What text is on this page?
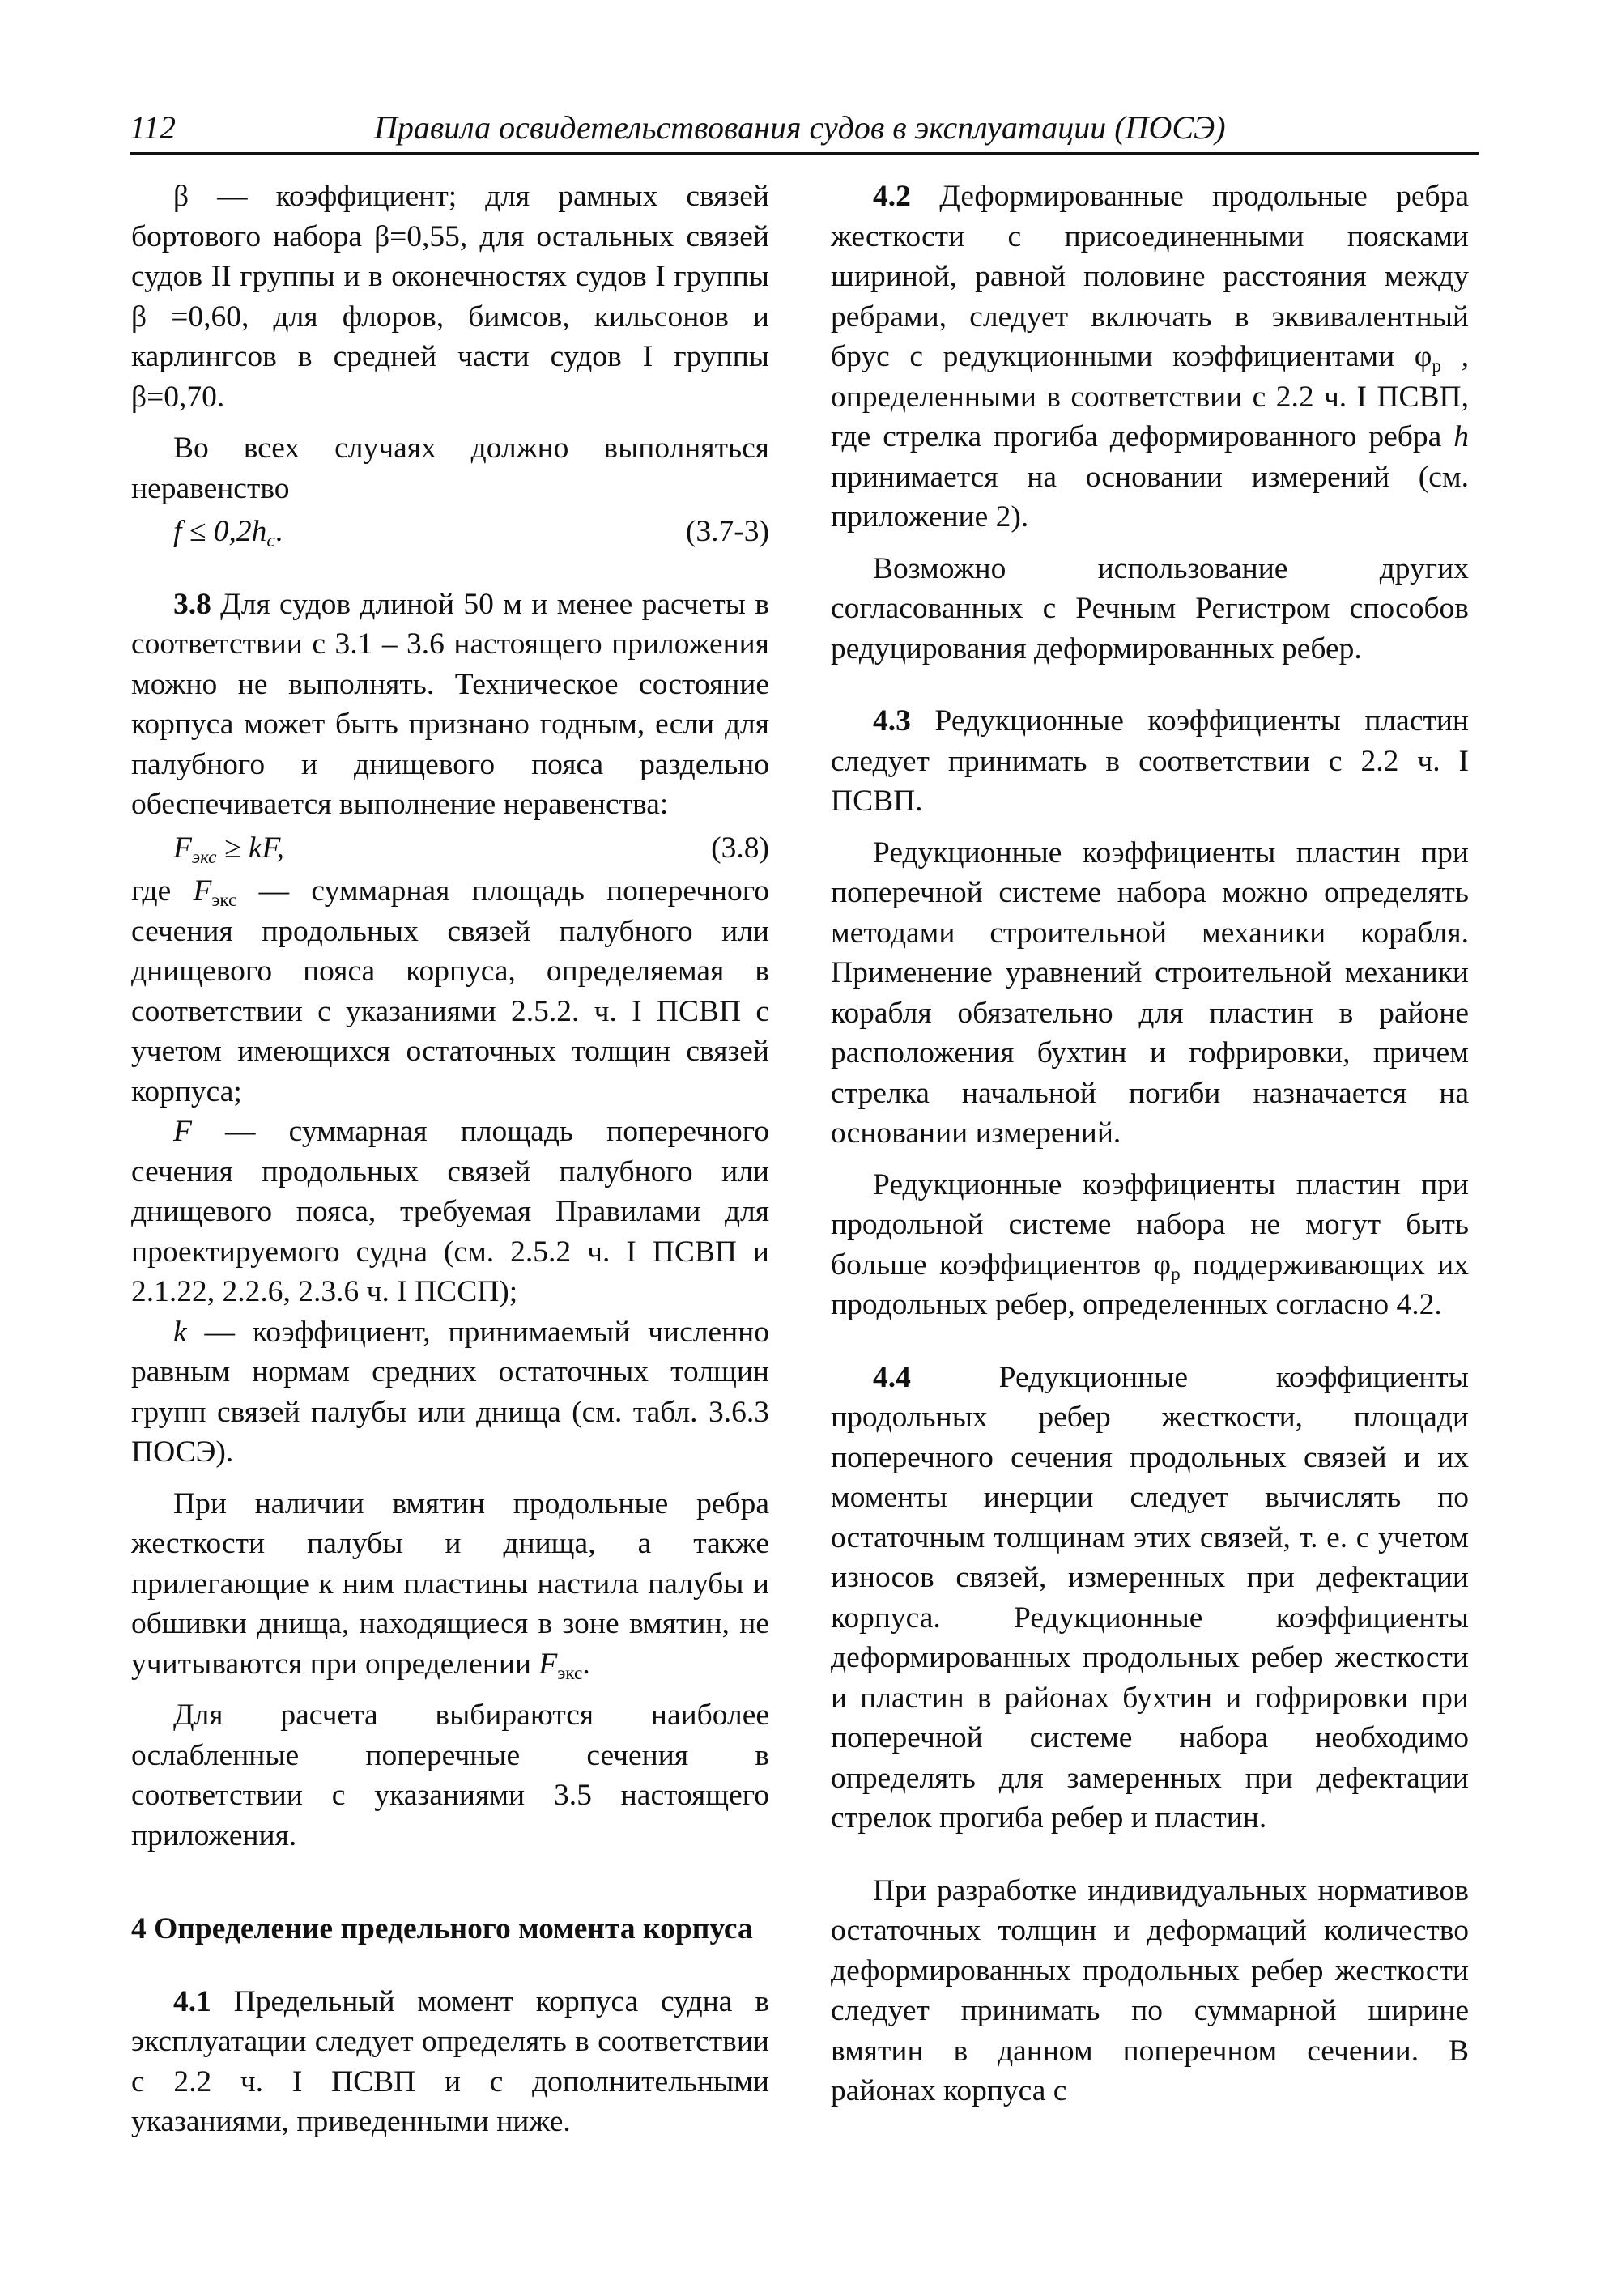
112	Правила освидетельствования судов в эксплуатации (ПОСЭ)

β — коэффициент; для рамных связей бортового набора β=0,55, для остальных связей судов II группы и в оконечностях судов I группы β =0,60, для флоров, бимсов, кильсонов и карлингсов в средней части судов I группы β=0,70.

Во всех случаях должно выполняться неравенство

$f \le 0,2h_c$.	(3.7-3)

3.8 Для судов длиной 50 м и менее расчеты в соответствии с 3.1 – 3.6 настоящего приложения можно не выполнять. Техническое состояние корпуса может быть признано годным, если для палубного и днищевого пояса раздельно обеспечивается выполнение неравенства:

$F_{экс}$ ≥ kF,	(3.8)

где $F_{экс}$ — суммарная площадь поперечного сечения продольных связей палубного или днищевого пояса корпуса, определяемая в соответствии с указаниями 2.5.2. ч. I ПСВП с учетом имеющихся остаточных толщин связей корпуса;

F — суммарная площадь поперечного сечения продольных связей палубного или днищевого пояса, требуемая Правилами для проектируемого судна (см. 2.5.2 ч. I ПСВП и 2.1.22, 2.2.6, 2.3.6 ч. I ПССП);

k — коэффициент, принимаемый численно равным нормам средних остаточных толщин групп связей палубы или днища (см. табл. 3.6.3 ПОСЭ).

При наличии вмятин продольные ребра жесткости палубы и днища, а также прилегающие к ним пластины настила палубы и обшивки днища, находящиеся в зоне вмятин, не учитываются при определении $F_{экс}$.

Для расчета выбираются наиболее ослабленные поперечные сечения в соответствии с указаниями 3.5 настоящего приложения.

4 Определение предельного момента корпуса

4.1 Предельный момент корпуса судна в эксплуатации следует определять в соответствии с 2.2 ч. I ПСВП и с дополнительными указаниями, приведенными ниже.

4.2 Деформированные продольные ребра жесткости с присоединенными поясками шириной, равной половине расстояния между ребрами, следует включать в эквивалентный брус с редукционными коэффициентами $\varphi_р$ , определенными в соответствии с 2.2 ч. I ПСВП, где стрелка прогиба деформированного ребра h принимается на основании измерений (см. приложение 2).

Возможно использование других согласованных с Речным Регистром способов редуцирования деформированных ребер.

4.3 Редукционные коэффициенты пластин следует принимать в соответствии с 2.2 ч. I ПСВП.

Редукционные коэффициенты пластин при поперечной системе набора можно определять методами строительной механики корабля. Применение уравнений строительной механики корабля обязательно для пластин в районе расположения бухтин и гофрировки, причем стрелка начальной погиби назначается на основании измерений.

Редукционные коэффициенты пластин при продольной системе набора не могут быть больше коэффициентов $\varphi_р$ поддерживающих их продольных ребер, определенных согласно 4.2.

4.4 Редукционные коэффициенты продольных ребер жесткости, площади поперечного сечения продольных связей и их моменты инерции следует вычислять по остаточным толщинам этих связей, т. е. с учетом износов связей, измеренных при дефектации корпуса. Редукционные коэффициенты деформированных продольных ребер жесткости и пластин в районах бухтин и гофрировки при поперечной системе набора необходимо определять для замеренных при дефектации стрелок прогиба ребер и пластин.

При разработке индивидуальных нормативов остаточных толщин и деформаций количество деформированных продольных ребер жесткости следует принимать по суммарной ширине вмятин в данном поперечном сечении. В районах корпуса с
